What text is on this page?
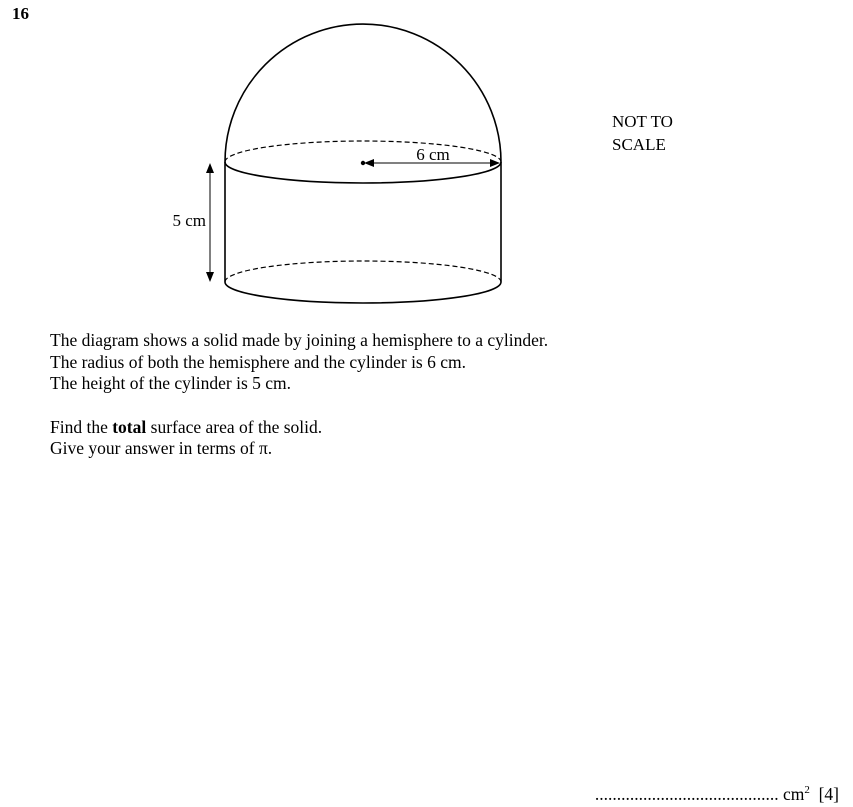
16
6 cm
5 cm
NOT TO
SCALE

The diagram shows a solid made by joining a hemisphere to a cylinder.

The radius of both the hemisphere and the cylinder is 6 cm.

The height of the cylinder is 5 cm.

Find the total surface area of the solid.

Give your answer in terms of π.

.......................................... $cm^2$ [4]
